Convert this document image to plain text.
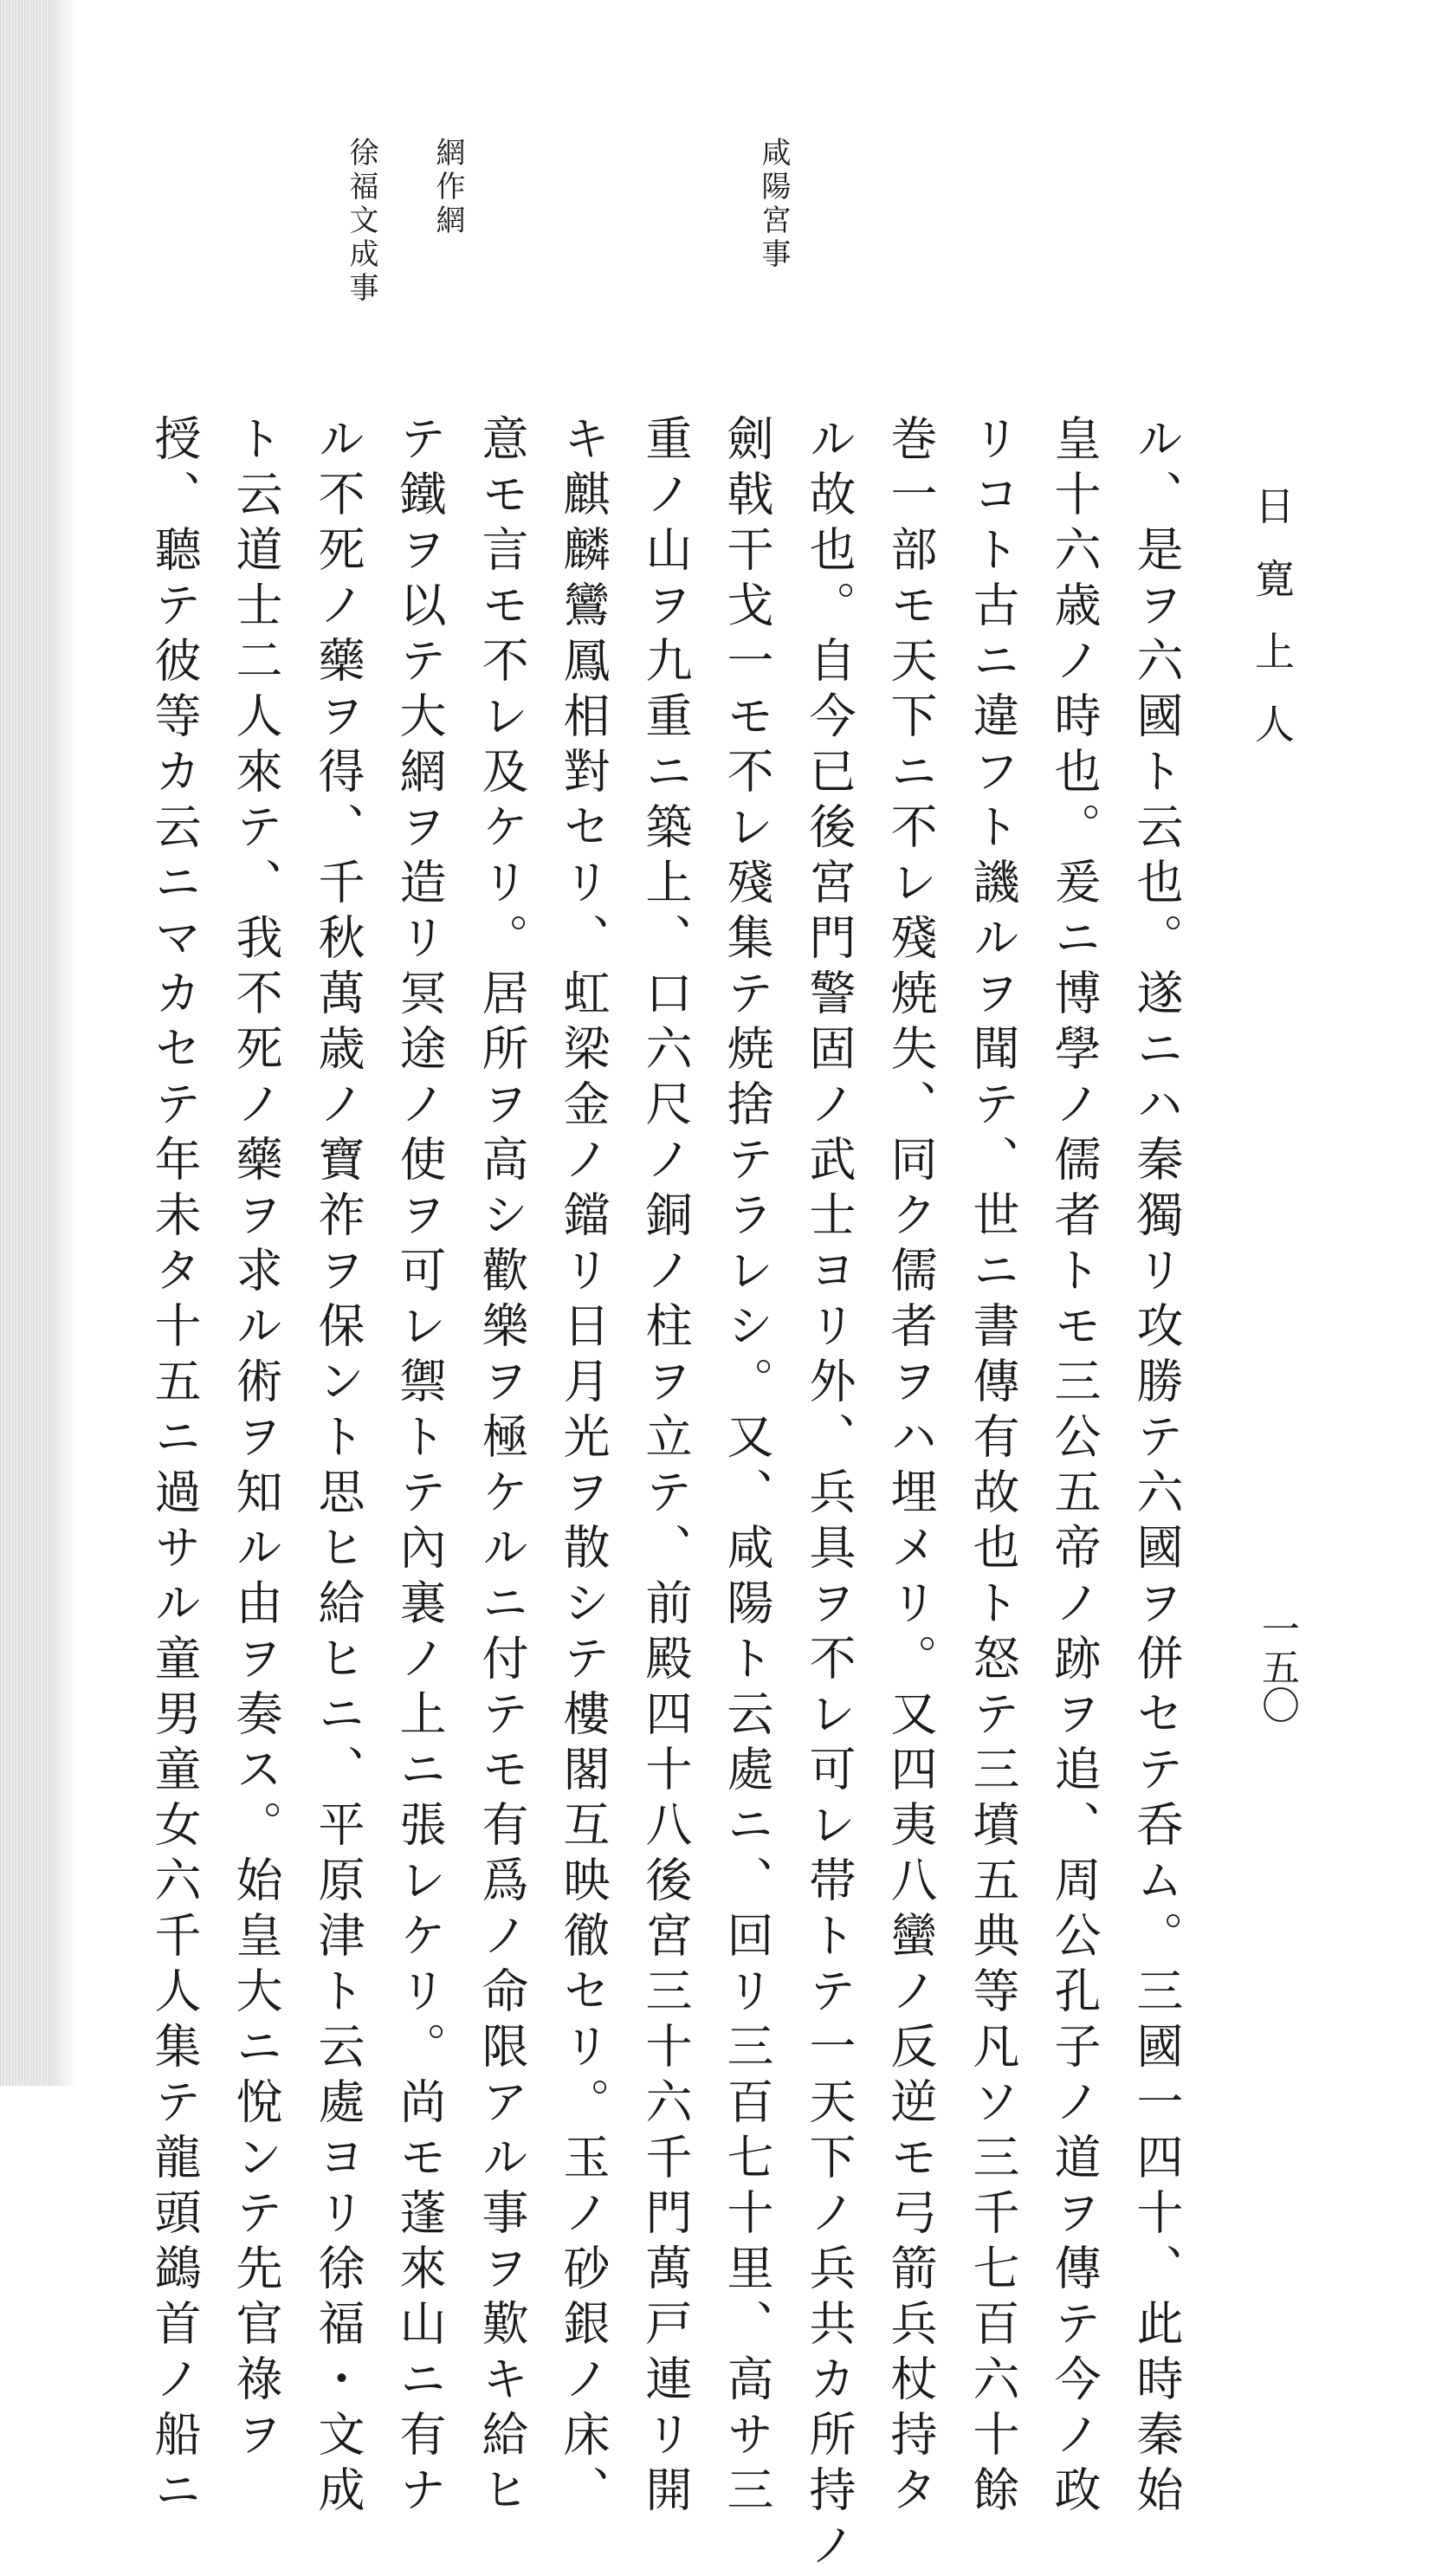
日寛上人
一五〇
咸陽宮事
網作網
徐福文成事
ル、是ヲ六國ト云也。遂ニハ秦獨リ攻勝テ六國ヲ併セテ呑ム。三國一四十、此時秦始
皇十六歳ノ時也。爰ニ博學ノ儒者トモ三公五帝ノ跡ヲ追、周公孔子ノ道ヲ傳テ今ノ政
リコト古ニ違フト譏ルヲ聞テ、世ニ書傳有故也ト怒テ三墳五典等凡ソ三千七百六十餘
巻一部モ天下ニ不レ殘焼失、同ク儒者ヲハ埋メリ。又四夷八蠻ノ反逆モ弓箭兵杖持タ
ル故也。自今已後宮門警固ノ武士ヨリ外、兵具ヲ不レ可レ帯トテ一天下ノ兵共カ所持ノ
劍戟干戈一モ不レ殘集テ焼捨テラレシ。又、咸陽ト云處ニ、回リ三百七十里、高サ三
重ノ山ヲ九重ニ築上、口六尺ノ銅ノ柱ヲ立テ、前殿四十八後宮三十六千門萬戸連リ開
キ麒麟鸞鳳相對セリ、虹梁金ノ鐺リ日月光ヲ散シテ樓閣互映徹セリ。玉ノ砂銀ノ床、
意モ言モ不レ及ケリ。居所ヲ高シ歡樂ヲ極ケルニ付テモ有爲ノ命限アル事ヲ歎キ給ヒ
テ鐵ヲ以テ大網ヲ造リ冥途ノ使ヲ可レ禦トテ內裏ノ上ニ張レケリ。尚モ蓬來山ニ有ナ
ル不死ノ藥ヲ得、千秋萬歳ノ寶祚ヲ保ント思ヒ給ヒニ、平原津ト云處ヨリ徐福・文成
ト云道士二人來テ、我不死ノ藥ヲ求ル術ヲ知ル由ヲ奏ス。始皇大ニ悅ンテ先官祿ヲ
授、聽テ彼等カ云ニマカセテ年未タ十五ニ過サル童男童女六千人集テ龍頭鷁首ノ船ニ
